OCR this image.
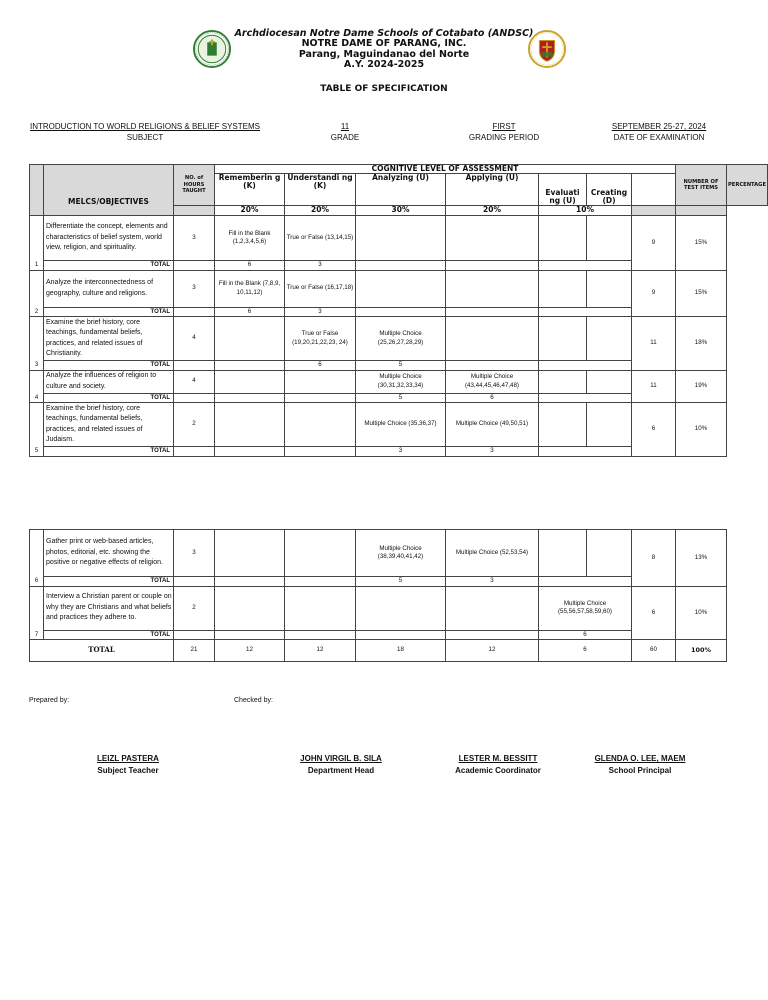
Archdiocesan Notre Dame Schools of Cotabato (ANDSC)
NOTRE DAME OF PARANG, INC.
Parang, Maguindanao del Norte
A.Y. 2024-2025
TABLE OF SPECIFICATION
INTRODUCTION TO WORLD RELIGIONS & BELIEF SYSTEMS
SUBJECT
11
GRADE
FIRST
GRADING PERIOD
SEPTEMBER 25-27, 2024
DATE OF EXAMINATION
	MELCS/OBJECTIVES	NO. of HOURS TAUGHT	COGNITIVE LEVEL OF ASSESSMENT							NUMBER OF TEST ITEMS	PERCENTAGE
			Rememberin g (K)	Understandi ng (K)	Analyzing (U)	Applying (U)	Evaluati ng (U)	Creating (D)			
			20%	20%	30%	20%	10%				
1	Differentiate the concept, elements and characteristics of belief system, world view, religion, and spirituality.	3	Fill in the Blank (1,2,3,4,5,6)	True or False (13,14,15)					9	15%	
	TOTAL		6	3							
2	Analyze the interconnectedness of geography, culture and religions.	3	Fill in the Blank (7,8,9, 10,11,12)	True or False (16,17,18)					9	15%	
	TOTAL		6	3							
3	Examine the brief history, core teachings, fundamental beliefs, practices, and related issues of Christianity.	4		True or False (19,20,21,22,23, 24)	Multiple Choice (25,26,27,28,29)				11	18%	
	TOTAL			6	5						
4	Analyze the influences of religion to culture and society.	4			Multiple Choice (30,31,32,33,34)	Multiple Choice (43,44,45,46,47,48)			11	19%	
	TOTAL				5	6					
5	Examine the brief history, core teachings, fundamental beliefs, practices, and related issues of Judaism.	2			Multiple Choice (35,36,37)	Multiple Choice (49,50,51)			6	10%	
	TOTAL				3	3					
6	Gather print or web-based articles, photos, editorial, etc. showing the positive or negative effects of religion.	3			Multiple Choice (38,39,40,41,42)	Multiple Choice (52,53,54)			8	13%
	TOTAL				5	3				
7	Interview a Christian parent or couple on why they are Christians and what beliefs and practices they adhere to.	2					Multiple Choice (55,56,57,58,59,60)		6	10%
	TOTAL						6			
TOTAL		21	12	12	18	12	6		60	100%
Prepared by:	Checked by:
LEIZL PASTERA
Subject Teacher
JOHN VIRGIL B. SILA
Department Head
LESTER M. BESSITT
Academic Coordinator
GLENDA O. LEE, MAEM
School Principal
